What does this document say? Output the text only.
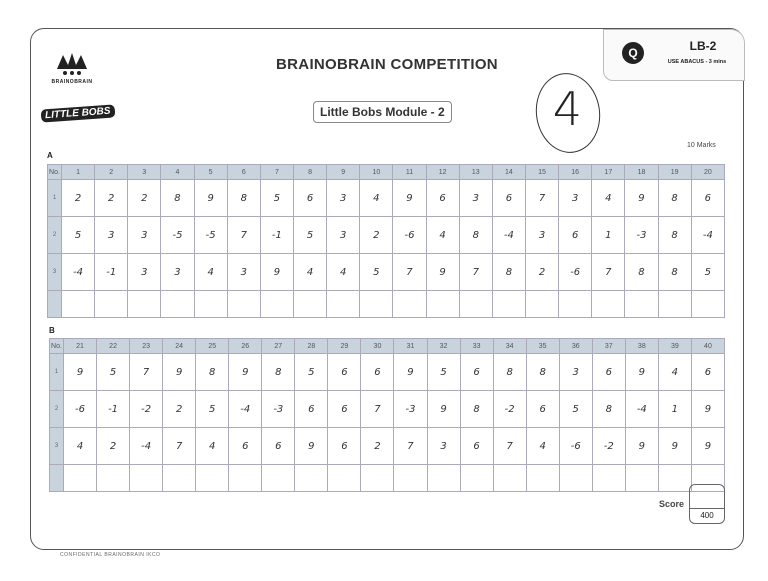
BRAINOBRAIN
LITTLE BOBS
BRAINOBRAIN COMPETITION
Little Bobs Module - 2	4
Q	LB-2
USE ABACUS - 3 mins
10 Marks
A
No.	1	2	3	4	5	6	7	8	9	10	11	12	13	14	15	16	17	18	19	20
1	2	2	2	8	9	8	5	6	3	4	9	6	3	6	7	3	4	9	8	6
2	5	3	3	-5	-5	7	-1	5	3	2	-6	4	8	-4	3	6	1	-3	8	-4
3	-4	-1	3	3	4	3	9	4	4	5	7	9	7	8	2	-6	7	8	8	5

B
No.	21	22	23	24	25	26	27	28	29	30	31	32	33	34	35	36	37	38	39	40
1	9	5	7	9	8	9	8	5	6	6	9	5	6	8	8	3	6	9	4	6
2	-6	-1	-2	2	5	-4	-3	6	6	7	-3	9	8	-2	6	5	8	-4	1	9
3	4	2	-4	7	4	6	6	9	6	2	7	3	6	7	4	-6	-2	9	9	9

Score
400
CONFIDENTIAL BRAINOBRAIN IKCO
